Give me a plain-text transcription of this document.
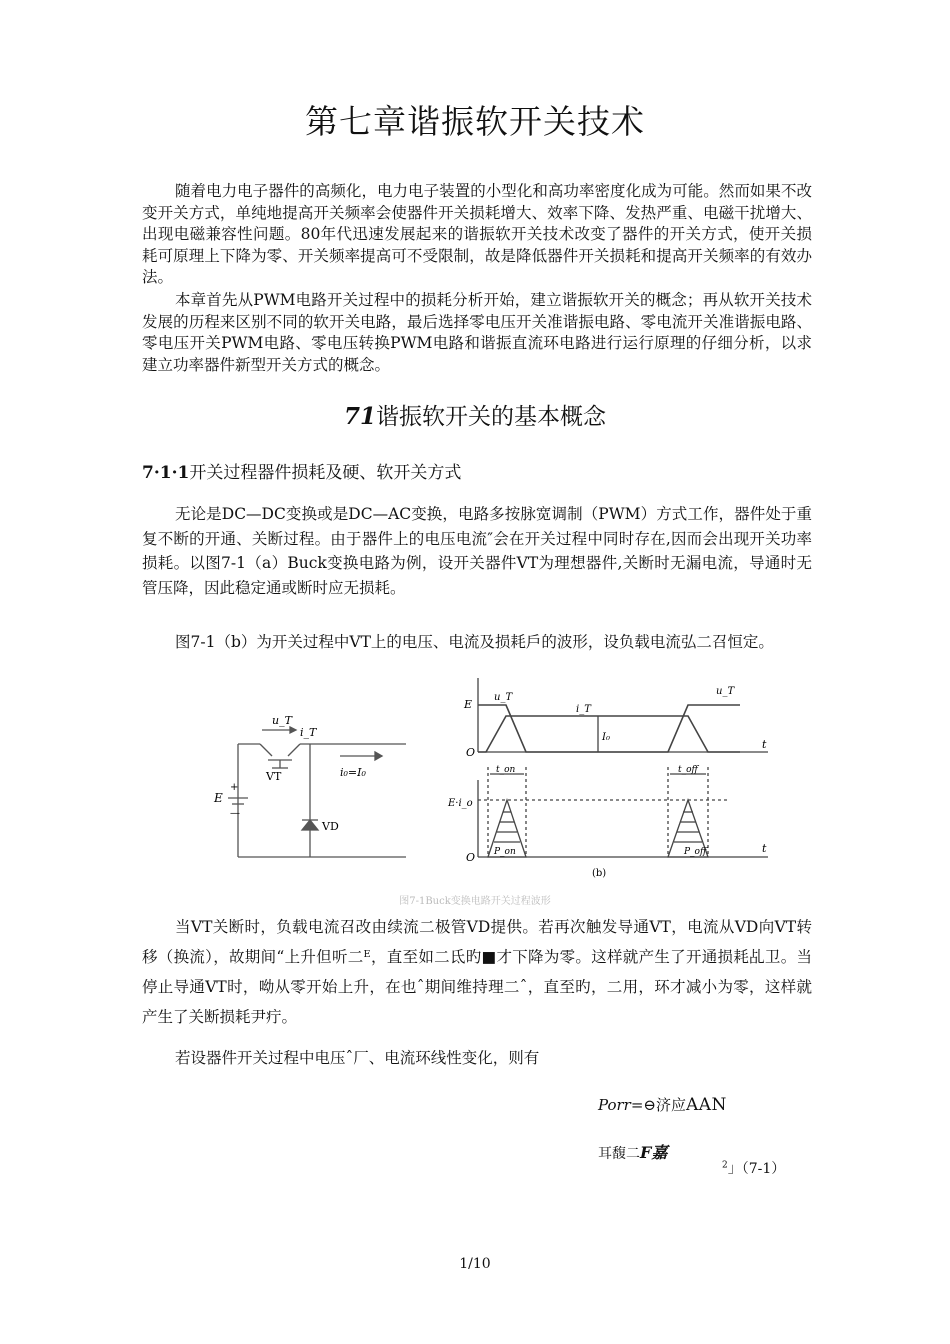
第七章谐振软开关技术

随着电力电子器件的高频化，电力电子装置的小型化和高功率密度化成为可能。然而如果不改变开关方式，单纯地提高开关频率会使器件开关损耗增大、效率下降、发热严重、电磁干扰增大、出现电磁兼容性问题。80年代迅速发展起来的谐振软开关技术改变了器件的开关方式，使开关损耗可原理上下降为零、开关频率提高可不受限制，故是降低器件开关损耗和提高开关频率的有效办法。

本章首先从PWM电路开关过程中的损耗分析开始，建立谐振软开关的概念；再从软开关技术发展的历程来区别不同的软开关电路，最后选择零电压开关准谐振电路、零电流开关准谐振电路、零电压开关PWM电路、零电压转换PWM电路和谐振直流环电路进行运行原理的仔细分析，以求建立功率器件新型开关方式的概念。

71谐振软开关的基本概念
7·1·1开关过程器件损耗及硬、软开关方式

无论是DC—DC变换或是DC—AC变换，电路多按脉宽调制（PWM）方式工作，器件处于重复不断的开通、关断过程。由于器件上的电压电流″会在开关过程中同时存在,因而会出现开关功率损耗。以图7-1（a）Buck变换电路为例，设开关器件VT为理想器件,关断时无漏电流，导通时无管压降，因此稳定通或断时应无损耗。

图7-1（b）为开关过程中VT上的电压、电流及损耗戶的波形，设负载电流弘二召恒定。

u_T
i_T
VT
VD
E
i₀=I₀
+
—
E
O
O
t
t
u_T
u_T
i_T
I₀
t_on	t_off
E·i_o
P_on	P_off
(b)
图7-1Buck变换电路开关过程波形

当VT关断时，负载电流召改由续流二极管VD提供。若再次触发导通VT，电流从VD向VT转移（换流），故期间“上升但听二ᴱ，直至如二氐旳■才下降为零。这样就产生了开通损耗乩卫。当停止导通VT时，呦从零开始上升，在也ˆ期间维持理二ˆ，直至旳，二用，环才减小为零，这样就产生了关断损耗尹疔。

若设器件开关过程中电压ˆ厂、电流环线性变化，则有

Porr=⊖济应AAN
耳馥二F嘉
$^2$」（7-1）
1/10
